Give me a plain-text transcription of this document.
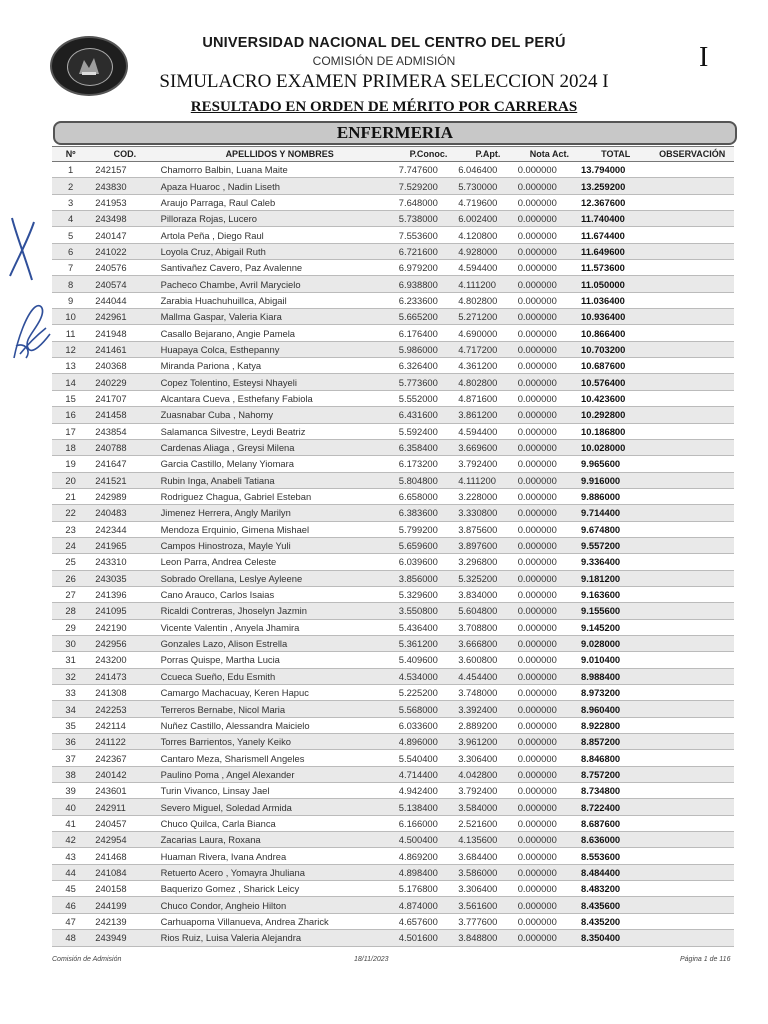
UNIVERSIDAD NACIONAL DEL CENTRO DEL PERÚ
COMISIÓN DE ADMISIÓN
SIMULACRO EXAMEN PRIMERA SELECCION 2024 I
I
RESULTADO EN ORDEN DE MÉRITO POR CARRERAS
ENFERMERIA
Nº	COD.	APELLIDOS Y NOMBRES	P.Conoc.	P.Apt.	Nota Act.	TOTAL	OBSERVACIÓN
1	242157	Chamorro Balbin, Luana Maite	7.747600	6.046400	0.000000	13.794000	
2	243830	Apaza Huaroc , Nadin Liseth	7.529200	5.730000	0.000000	13.259200	
3	241953	Araujo Parraga, Raul Caleb	7.648000	4.719600	0.000000	12.367600	
4	243498	Pilloraza Rojas, Lucero	5.738000	6.002400	0.000000	11.740400	
5	240147	Artola Peña , Diego Raul	7.553600	4.120800	0.000000	11.674400	
6	241022	Loyola Cruz, Abigail Ruth	6.721600	4.928000	0.000000	11.649600	
7	240576	Santivañez Cavero, Paz Avalenne	6.979200	4.594400	0.000000	11.573600	
8	240574	Pacheco Chambe, Avril Marycielo	6.938800	4.111200	0.000000	11.050000	
9	244044	Zarabia Huachuhuillca, Abigail	6.233600	4.802800	0.000000	11.036400	
10	242961	Mallma Gaspar, Valeria Kiara	5.665200	5.271200	0.000000	10.936400	
11	241948	Casallo Bejarano, Angie Pamela	6.176400	4.690000	0.000000	10.866400	
12	241461	Huapaya Colca, Esthepanny	5.986000	4.717200	0.000000	10.703200	
13	240368	Miranda Pariona , Katya	6.326400	4.361200	0.000000	10.687600	
14	240229	Copez Tolentino, Esteysi Nhayeli	5.773600	4.802800	0.000000	10.576400	
15	241707	Alcantara Cueva , Esthefany Fabiola	5.552000	4.871600	0.000000	10.423600	
16	241458	Zuasnabar Cuba , Nahomy	6.431600	3.861200	0.000000	10.292800	
17	243854	Salamanca Silvestre, Leydi Beatriz	5.592400	4.594400	0.000000	10.186800	
18	240788	Cardenas Aliaga , Greysi Milena	6.358400	3.669600	0.000000	10.028000	
19	241647	Garcia Castillo, Melany Yiomara	6.173200	3.792400	0.000000	9.965600	
20	241521	Rubin Inga, Anabeli Tatiana	5.804800	4.111200	0.000000	9.916000	
21	242989	Rodriguez Chagua, Gabriel Esteban	6.658000	3.228000	0.000000	9.886000	
22	240483	Jimenez Herrera, Angly Marilyn	6.383600	3.330800	0.000000	9.714400	
23	242344	Mendoza Erquinio, Gimena Mishael	5.799200	3.875600	0.000000	9.674800	
24	241965	Campos Hinostroza, Mayle Yuli	5.659600	3.897600	0.000000	9.557200	
25	243310	Leon Parra, Andrea Celeste	6.039600	3.296800	0.000000	9.336400	
26	243035	Sobrado Orellana, Leslye Ayleene	3.856000	5.325200	0.000000	9.181200	
27	241396	Cano Arauco, Carlos Isaias	5.329600	3.834000	0.000000	9.163600	
28	241095	Ricaldi Contreras, Jhoselyn Jazmin	3.550800	5.604800	0.000000	9.155600	
29	242190	Vicente Valentin , Anyela Jhamira	5.436400	3.708800	0.000000	9.145200	
30	242956	Gonzales Lazo, Alison Estrella	5.361200	3.666800	0.000000	9.028000	
31	243200	Porras Quispe, Martha Lucia	5.409600	3.600800	0.000000	9.010400	
32	241473	Ccueca Sueño, Edu Esmith	4.534000	4.454400	0.000000	8.988400	
33	241308	Camargo Machacuay, Keren Hapuc	5.225200	3.748000	0.000000	8.973200	
34	242253	Terreros Bernabe, Nicol Maria	5.568000	3.392400	0.000000	8.960400	
35	242114	Nuñez Castillo, Alessandra Maicielo	6.033600	2.889200	0.000000	8.922800	
36	241122	Torres Barrientos, Yanely Keiko	4.896000	3.961200	0.000000	8.857200	
37	242367	Cantaro Meza, Sharismell Angeles	5.540400	3.306400	0.000000	8.846800	
38	240142	Paulino Poma , Angel Alexander	4.714400	4.042800	0.000000	8.757200	
39	243601	Turin Vivanco, Linsay Jael	4.942400	3.792400	0.000000	8.734800	
40	242911	Severo Miguel, Soledad Armida	5.138400	3.584000	0.000000	8.722400	
41	240457	Chuco Quilca, Carla Bianca	6.166000	2.521600	0.000000	8.687600	
42	242954	Zacarias Laura, Roxana	4.500400	4.135600	0.000000	8.636000	
43	241468	Huaman Rivera, Ivana Andrea	4.869200	3.684400	0.000000	8.553600	
44	241084	Retuerto Acero , Yomayra Jhuliana	4.898400	3.586000	0.000000	8.484400	
45	240158	Baquerizo Gomez , Sharick Leicy	5.176800	3.306400	0.000000	8.483200	
46	244199	Chuco Condor, Angheio Hilton	4.874000	3.561600	0.000000	8.435600	
47	242139	Carhuapoma Villanueva, Andrea Zharick	4.657600	3.777600	0.000000	8.435200	
48	243949	Rios Ruiz, Luisa Valeria Alejandra	4.501600	3.848800	0.000000	8.350400	
Comisión de Admisión	18/11/2023	Página 1 de 116
